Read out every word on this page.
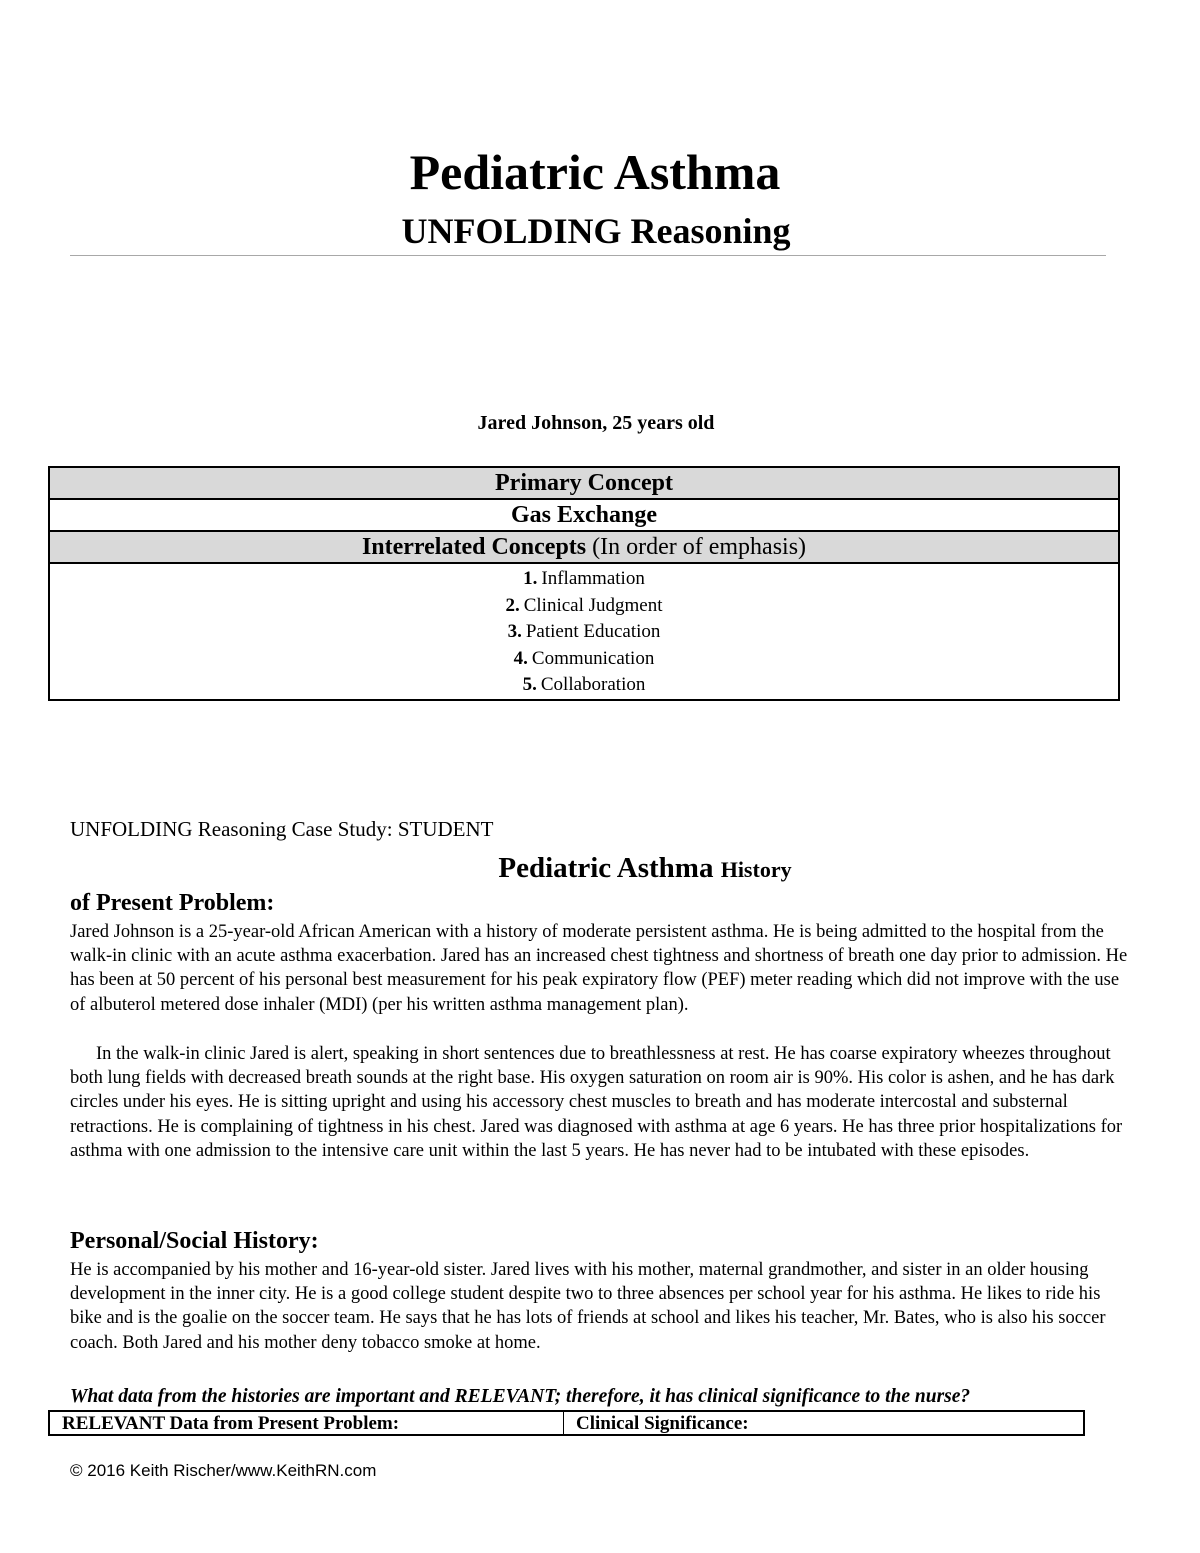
Pediatric Asthma
UNFOLDING Reasoning
Jared Johnson, 25 years old
Primary Concept
Gas Exchange
Interrelated Concepts (In order of emphasis)
1. Inflammation
2. Clinical Judgment
3. Patient Education
4. Communication
5. Collaboration
UNFOLDING Reasoning Case Study: STUDENT
Pediatric Asthma History
of Present Problem:
Jared Johnson is a 25-year-old African American with a history of moderate persistent asthma. He is being admitted to the hospital from the walk-in clinic with an acute asthma exacerbation. Jared has an increased chest tightness and shortness of breath one day prior to admission. He has been at 50 percent of his personal best measurement for his peak expiratory flow (PEF) meter reading which did not improve with the use of albuterol metered dose inhaler (MDI) (per his written asthma management plan).
In the walk-in clinic Jared is alert, speaking in short sentences due to breathlessness at rest. He has coarse expiratory wheezes throughout both lung fields with decreased breath sounds at the right base. His oxygen saturation on room air is 90%. His color is ashen, and he has dark circles under his eyes. He is sitting upright and using his accessory chest muscles to breath and has moderate intercostal and substernal retractions. He is complaining of tightness in his chest. Jared was diagnosed with asthma at age 6 years. He has three prior hospitalizations for asthma with one admission to the intensive care unit within the last 5 years. He has never had to be intubated with these episodes.
Personal/Social History:
He is accompanied by his mother and 16-year-old sister. Jared lives with his mother, maternal grandmother, and sister in an older housing development in the inner city. He is a good college student despite two to three absences per school year for his asthma. He likes to ride his bike and is the goalie on the soccer team. He says that he has lots of friends at school and likes his teacher, Mr. Bates, who is also his soccer coach. Both Jared and his mother deny tobacco smoke at home.
What data from the histories are important and RELEVANT; therefore, it has clinical significance to the nurse?
RELEVANT Data from Present Problem:	Clinical Significance:
© 2016 Keith Rischer/www.KeithRN.com
